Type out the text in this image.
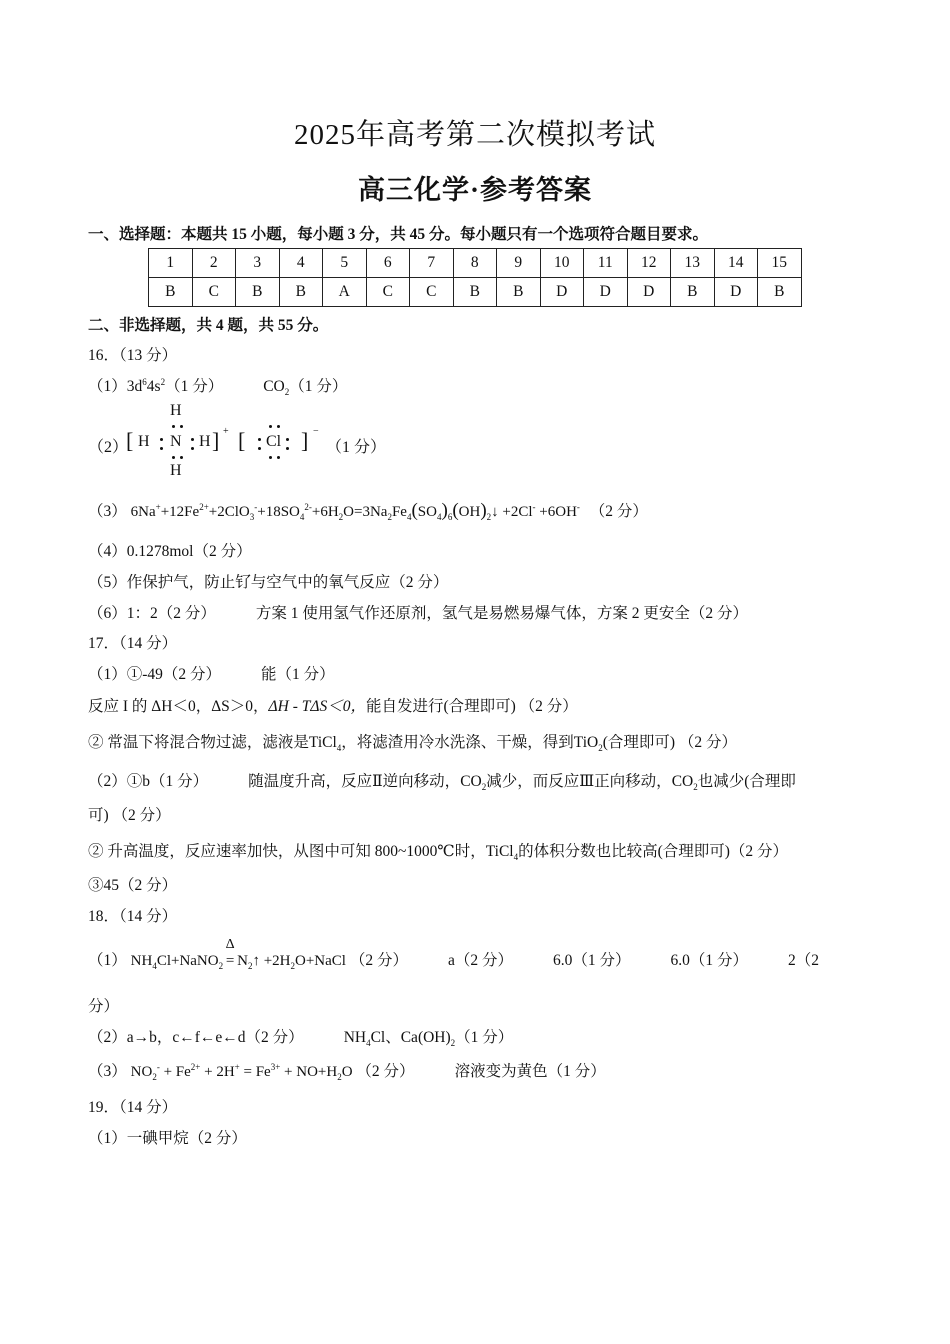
2025年高考第二次模拟考试
高三化学·参考答案
一、选择题：本题共 15 小题，每小题 3 分，共 45 分。每小题只有一个选项符合题目要求。
1	2	3	4	5	6	7	8	9	10	11	12	13	14	15
B	C	B	B	A	C	C	B	B	D	D	D	B	D	B
二、非选择题，共 4 题，共 55 分。
16．（13 分）
$(1)3d^64s^2(1$ 分）	$CO_2(1$ 分）
（2）
[ H N
H
H
H ] + [ Cl ] −
（1 分）
（3） $6Na^++12Fe^{2+}+2ClO_3^-+18SO_4^{2-}+6H_2O=3Na_2Fe_4(SO_4)_6(OH)_2↓ +2Cl^- +6OH^-$ （2 分）
（4）0.1278mol（2 分）
（5）作保护气，防止钌与空气中的氧气反应（2 分）
（6）1：2（2 分）	方案 1 使用氢气作还原剂，氢气是易燃易爆气体，方案 2 更安全（2 分）
17．（14 分）
（1）①-49（2 分）	能（1 分）
反应 I 的 ΔH＜0，ΔS＞0，ΔH - TΔS＜0，能自发进行(合理即可) （2 分）
② 常温下将混合物过滤，滤液是TiCl$_4$，将滤渣用冷水洗涤、干燥，得到TiO$_2$(合理即可) （2 分）
（2）①b（1 分）	随温度升高，反应Ⅱ逆向移动，$CO_2$减少，而反应Ⅲ正向移动，$CO_2$也减少(合理即
可) （2 分）
② 升高温度，反应速率加快，从图中可知 800~1000℃时，TiCl$_4$的体积分数也比较高(合理即可)（2 分）
③45（2 分）
18．（14 分）
（1） $NH_4Cl+NaNO_2$
Δ
= $N_2↑$ $+2H_2O+NaCl$ （2 分）	a（2 分）	6.0（1 分）	6.0（1 分）	2（2
分）
（2）a→b，c←f←e←d（2 分）	$NH_4Cl$、$Ca(OH)_2(1$ 分）
（3） $NO_2^- + Fe^{2+} + 2H^+ = Fe^{3+} + NO+H_2O$ （2 分）	溶液变为黄色（1 分）
19．（14 分）
（1）一碘甲烷（2 分）
